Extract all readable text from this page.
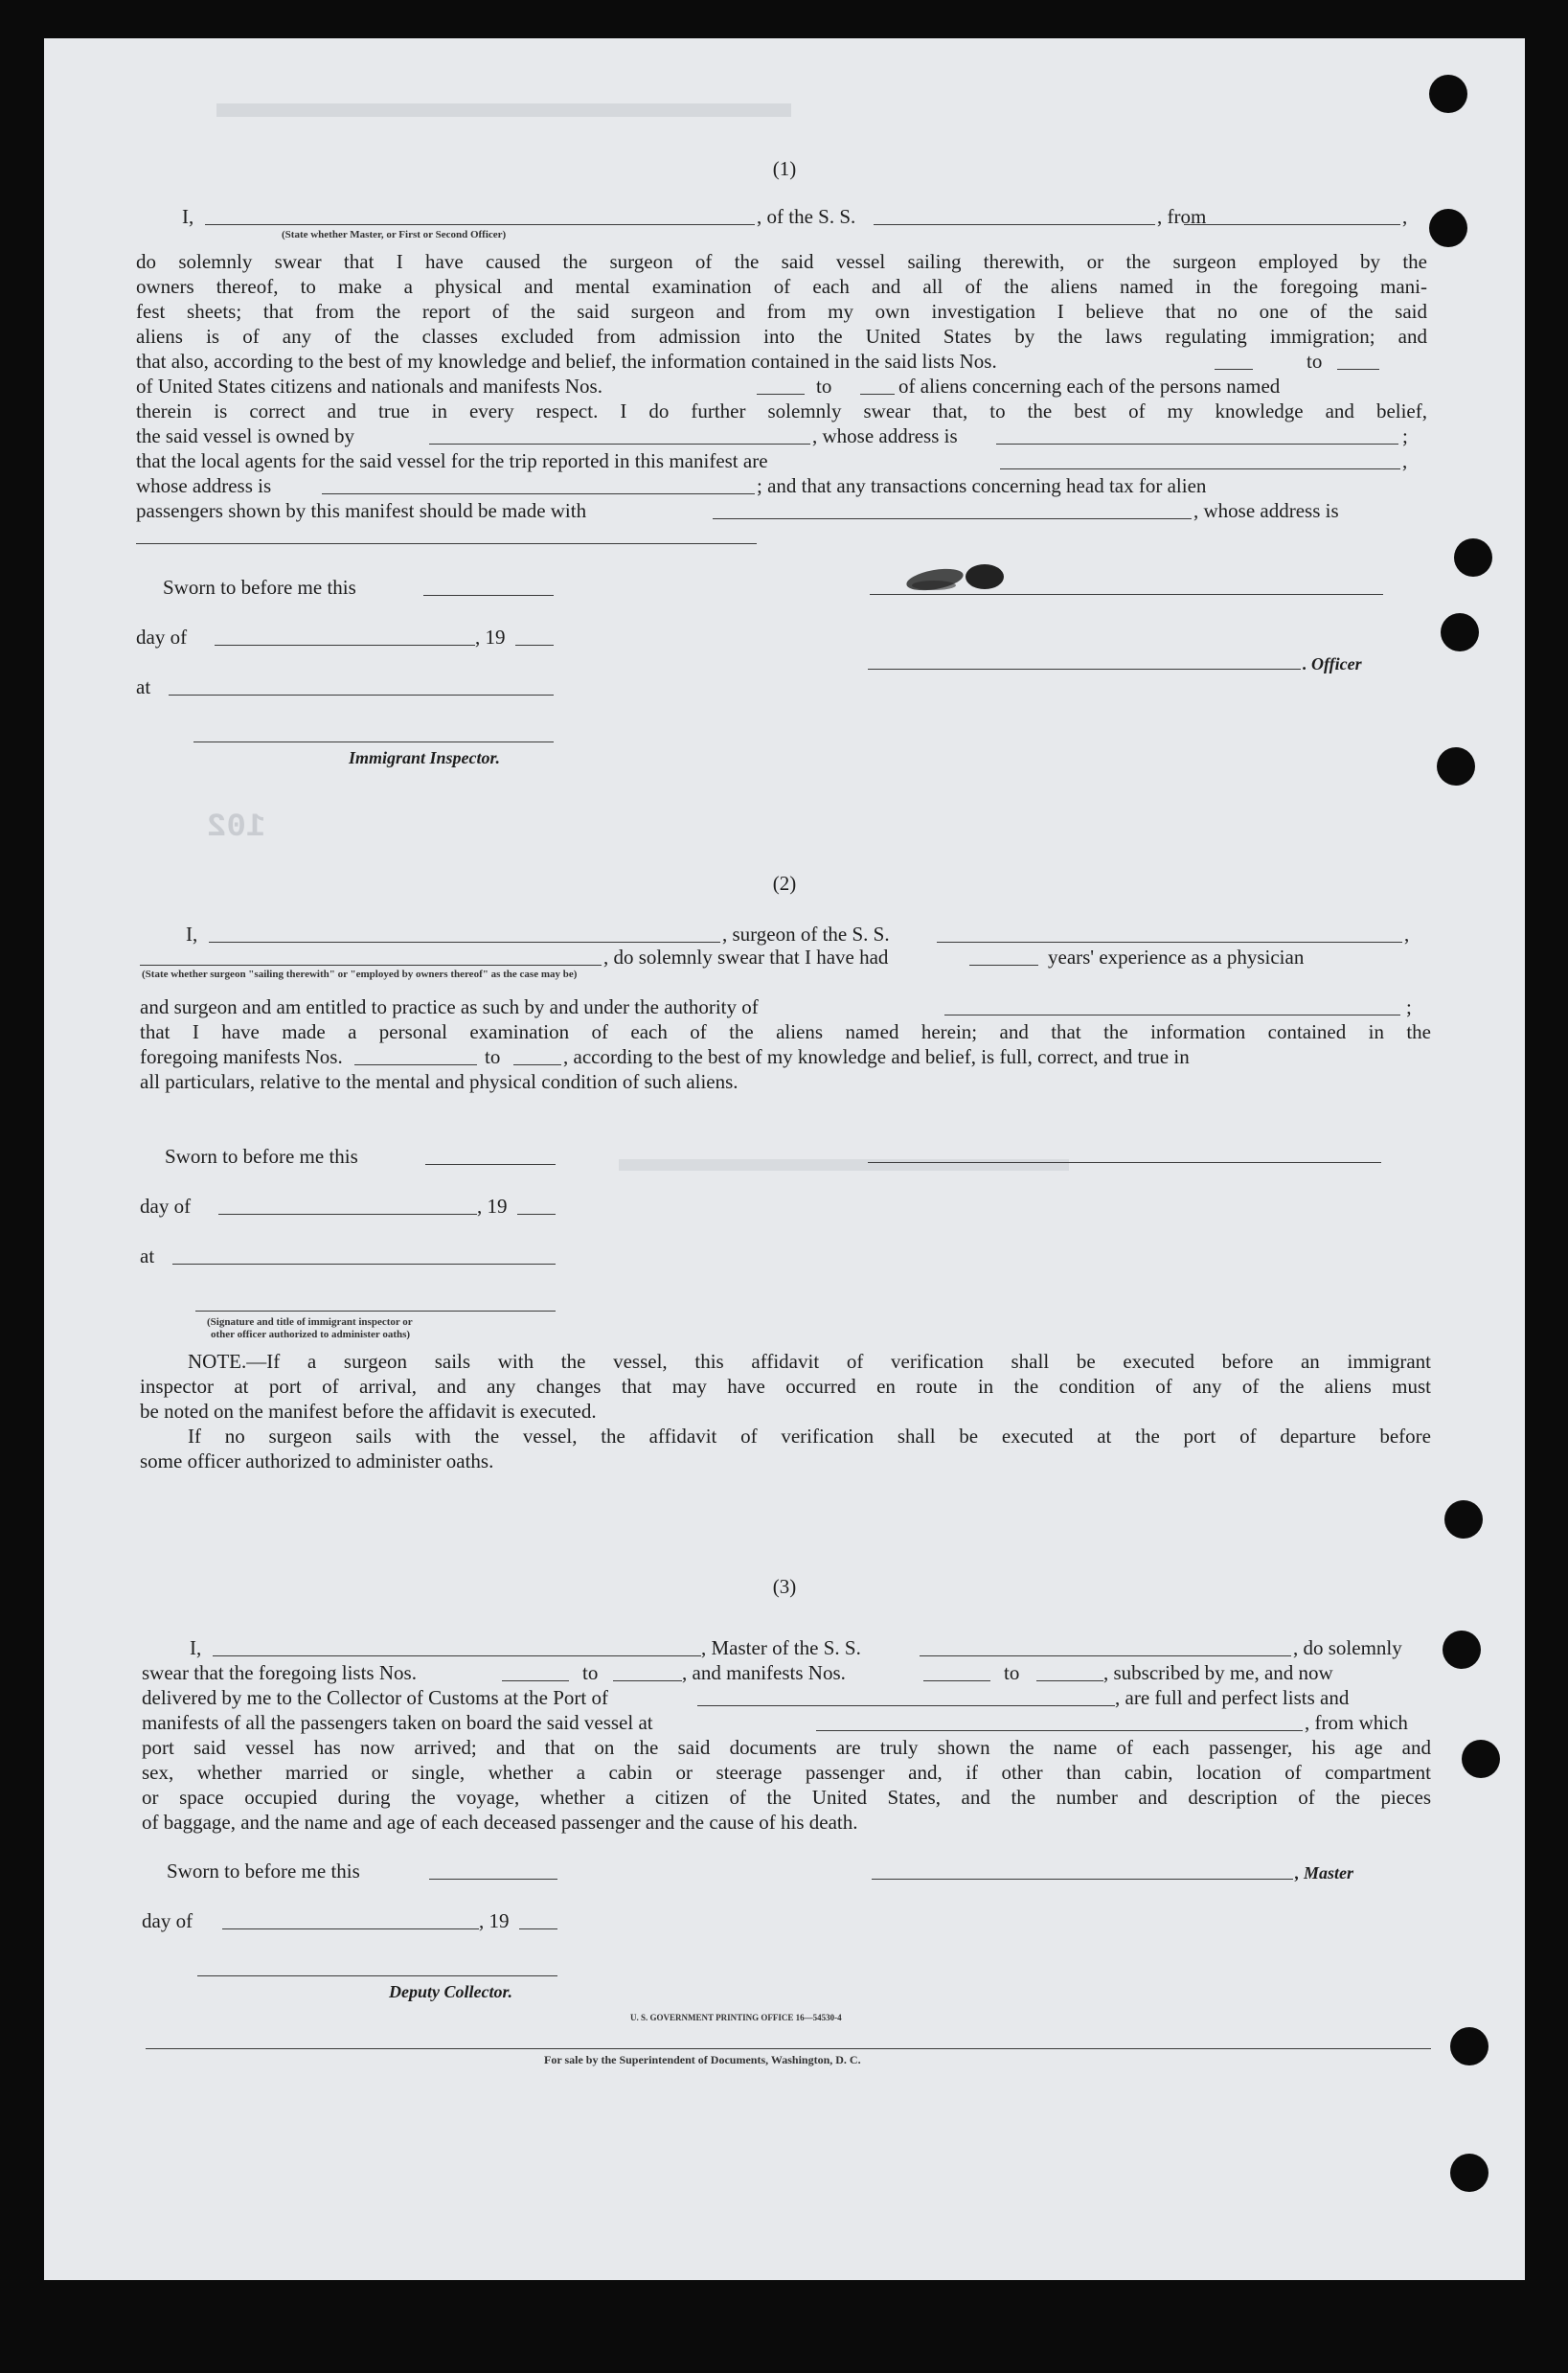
102
(1)
I,	, of the S. S.	, from	,
(State whether Master, or First or Second Officer)
do solemnly swear that I have caused the surgeon of the said vessel sailing therewith, or the surgeon employed by the
owners thereof, to make a physical and mental examination of each and all of the aliens named in the foregoing mani-
fest sheets; that from the report of the said surgeon and from my own investigation I believe that no one of the said
aliens is of any of the classes excluded from admission into the United States by the laws regulating immigration; and
that also, according to the best of my knowledge and belief, the information contained in the said lists Nos.	to
of United States citizens and nationals and manifests Nos.	to	of aliens concerning each of the persons named
therein is correct and true in every respect. I do further solemnly swear that, to the best of my knowledge and belief,
the said vessel is owned by	, whose address is	;
that the local agents for the said vessel for the trip reported in this manifest are	,
whose address is	; and that any transactions concerning head tax for alien
passengers shown by this manifest should be made with	, whose address is
Sworn to before me this
day of	, 19
. Officer
at
Immigrant Inspector.
(2)
I,	, surgeon of the S. S.	,
, do solemnly swear that I have had	years' experience as a physician
(State whether surgeon "sailing therewith" or "employed by owners thereof" as the case may be)
and surgeon and am entitled to practice as such by and under the authority of	;
that I have made a personal examination of each of the aliens named herein; and that the information contained in the
foregoing manifests Nos.	to	, according to the best of my knowledge and belief, is full, correct, and true in
all particulars, relative to the mental and physical condition of such aliens.
Sworn to before me this
day of	, 19
at
(Signature and title of immigrant inspector or
other officer authorized to administer oaths)
NOTE.—If a surgeon sails with the vessel, this affidavit of verification shall be executed before an immigrant
inspector at port of arrival, and any changes that may have occurred en route in the condition of any of the aliens must
be noted on the manifest before the affidavit is executed.
If no surgeon sails with the vessel, the affidavit of verification shall be executed at the port of departure before
some officer authorized to administer oaths.
(3)
I,	, Master of the S. S.	, do solemnly
swear that the foregoing lists Nos.	to	, and manifests Nos.	to	, subscribed by me, and now
delivered by me to the Collector of Customs at the Port of	, are full and perfect lists and
manifests of all the passengers taken on board the said vessel at	, from which
port said vessel has now arrived; and that on the said documents are truly shown the name of each passenger, his age and
sex, whether married or single, whether a cabin or steerage passenger and, if other than cabin, location of compartment
or space occupied during the voyage, whether a citizen of the United States, and the number and description of the pieces
of baggage, and the name and age of each deceased passenger and the cause of his death.
Sworn to before me this	, Master
day of	, 19
Deputy Collector.
U. S. GOVERNMENT PRINTING OFFICE 16—54530-4
For sale by the Superintendent of Documents, Washington, D. C.
